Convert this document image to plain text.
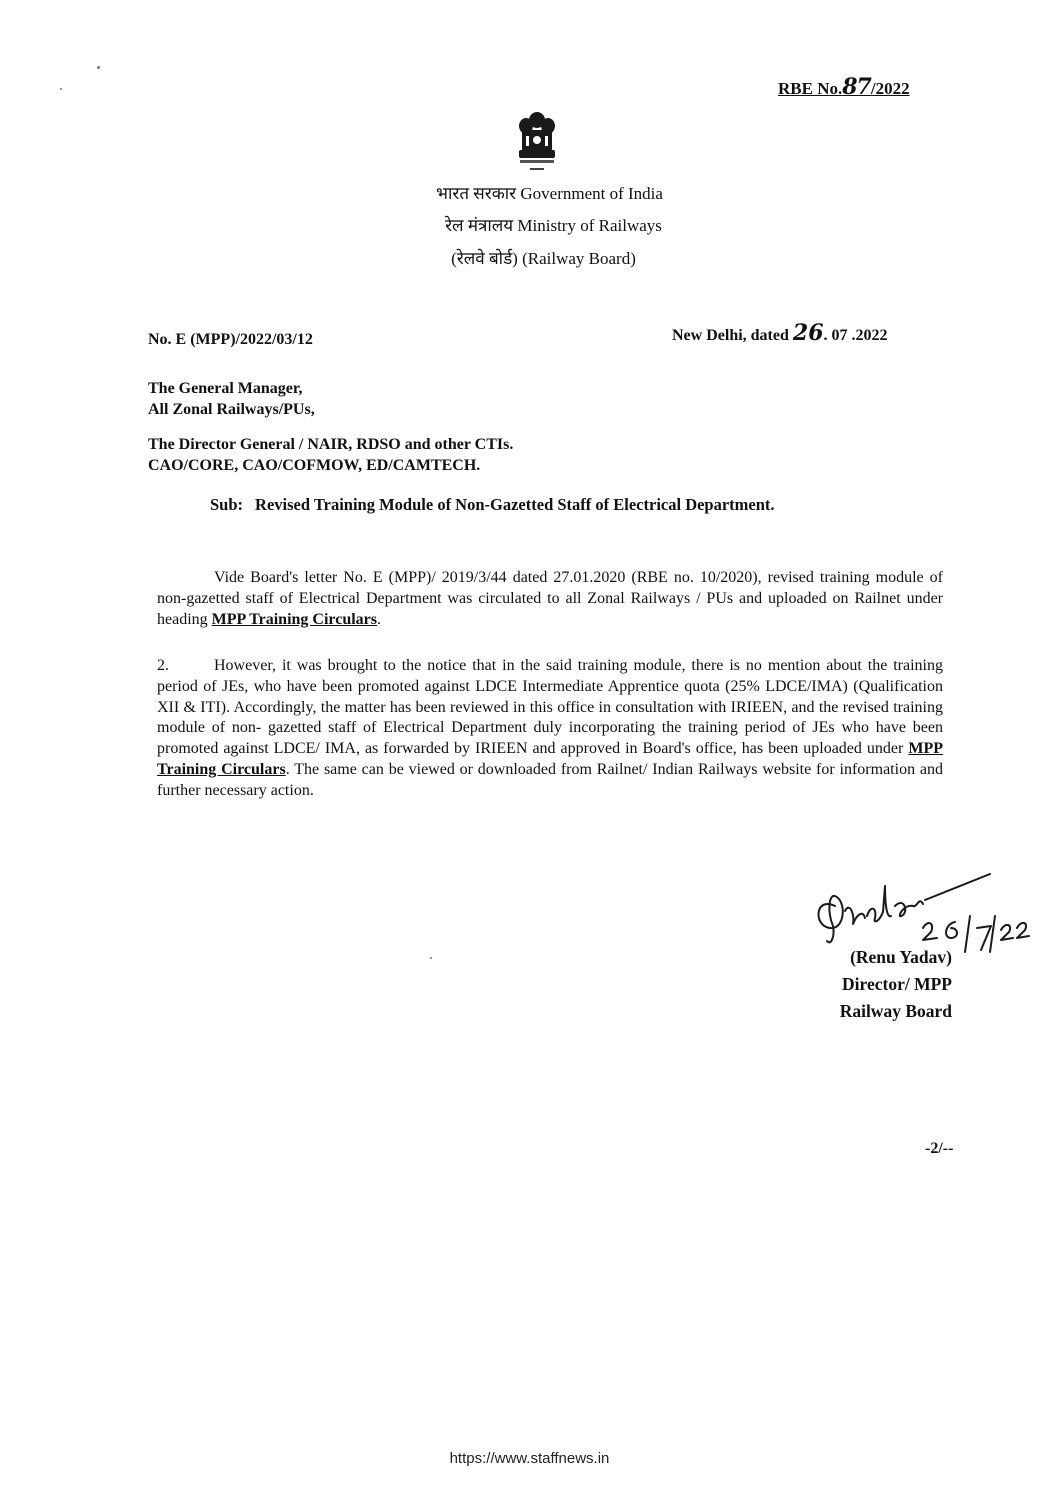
RBE No.87/2022
भारत सरकार Government of India
रेल मंत्रालय Ministry of Railways
(रेलवे बोर्ड) (Railway Board)
No. E (MPP)/2022/03/12	New Delhi, dated 26. 07 .2022
The General Manager,
All Zonal Railways/PUs,
The Director General / NAIR, RDSO and other CTIs.
CAO/CORE, CAO/COFMOW, ED/CAMTECH.
Sub: Revised Training Module of Non-Gazetted Staff of Electrical Department.
Vide Board's letter No. E (MPP)/ 2019/3/44 dated 27.01.2020 (RBE no. 10/2020), revised training module of non-gazetted staff of Electrical Department was circulated to all Zonal Railways / PUs and uploaded on Railnet under heading MPP Training Circulars.
2.	However, it was brought to the notice that in the said training module, there is no mention about the training period of JEs, who have been promoted against LDCE Intermediate Apprentice quota (25% LDCE/IMA) (Qualification XII & ITI). Accordingly, the matter has been reviewed in this office in consultation with IRIEEN, and the revised training module of non- gazetted staff of Electrical Department duly incorporating the training period of JEs who have been promoted against LDCE/ IMA, as forwarded by IRIEEN and approved in Board's office, has been uploaded under MPP Training Circulars. The same can be viewed or downloaded from Railnet/ Indian Railways website for information and further necessary action.
(Renu Yadav)
Director/ MPP
Railway Board
-2/--
https://www.staffnews.in
